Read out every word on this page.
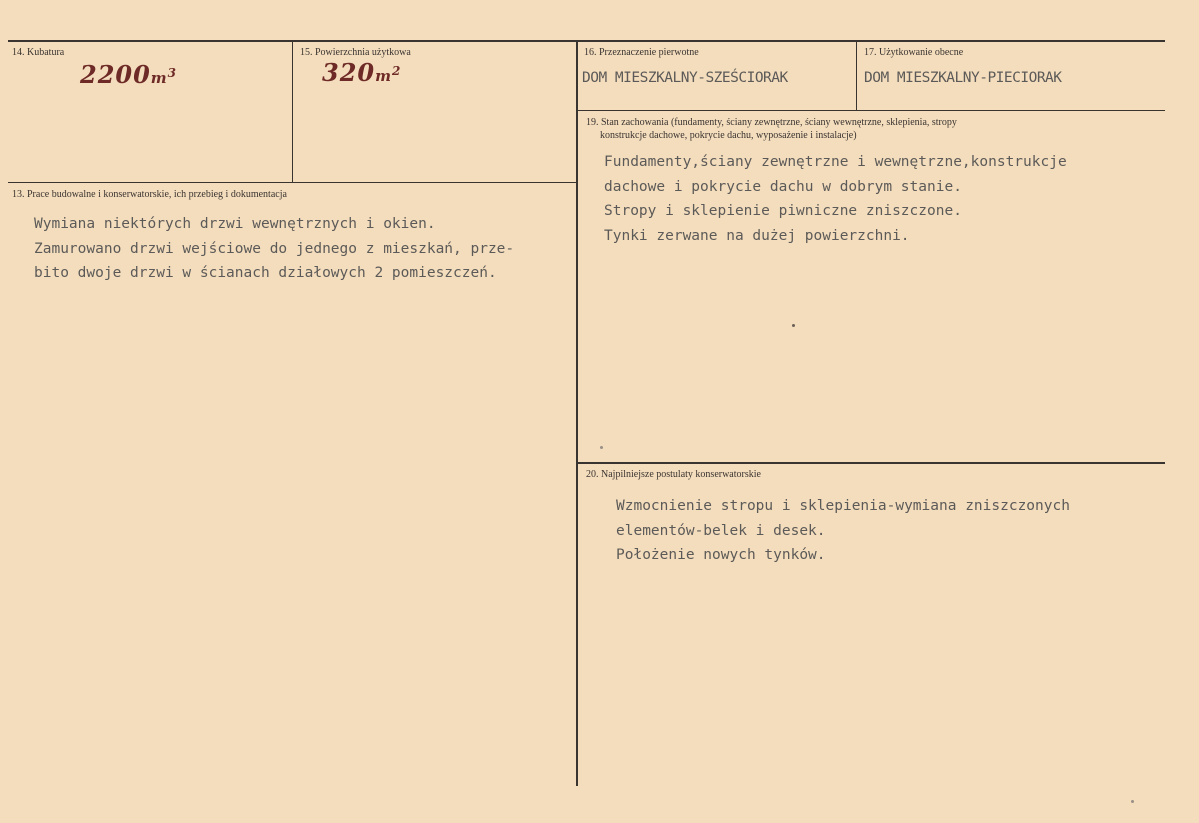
14. Kubatura
$2200m^3$
15. Powierzchnia użytkowa
$320m^2$
16. Przeznaczenie pierwotne
DOM MIESZKALNY-SZEŚCIORAK
17. Użytkowanie obecne
DOM MIESZKALNY-PIECIORAK
19. Stan zachowania (fundamenty, ściany zewnętrzne, ściany wewnętrzne, sklepienia, stropy
konstrukcje dachowe, pokrycie dachu, wyposażenie i instalacje)
Fundamenty,ściany zewnętrzne i wewnętrzne,konstrukcje
dachowe i pokrycie dachu w dobrym stanie.
Stropy i sklepienie piwniczne zniszczone.
Tynki zerwane na dużej powierzchni.
13. Prace budowalne i konserwatorskie, ich przebieg i dokumentacja
Wymiana niektórych drzwi wewnętrznych i okien.
Zamurowano drzwi wejściowe do jednego z mieszkań, prze-
bito dwoje drzwi w ścianach działowych 2 pomieszczeń.
20. Najpilniejsze postulaty konserwatorskie
Wzmocnienie stropu i sklepienia-wymiana zniszczonych
elementów-belek i desek.
Położenie nowych tynków.
